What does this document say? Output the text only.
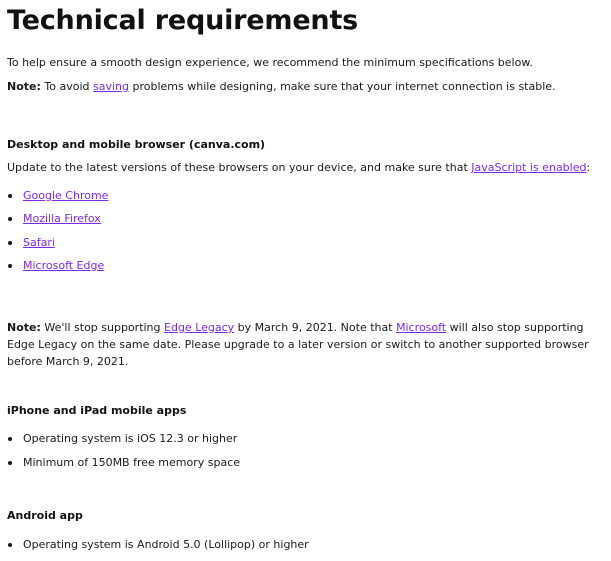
Technical requirements

To help ensure a smooth design experience, we recommend the minimum specifications below.

Note: To avoid saving problems while designing, make sure that your internet connection is stable.

Desktop and mobile browser (canva.com)

Update to the latest versions of these browsers on your device, and make sure that JavaScript is enabled:

Google Chrome
Mozilla Firefox
Safari
Microsoft Edge

Note: We'll stop supporting Edge Legacy by March 9, 2021. Note that Microsoft will also stop supporting Edge Legacy on the same date. Please upgrade to a later version or switch to another supported browser before March 9, 2021.

iPhone and iPad mobile apps
Operating system is iOS 12.3 or higher
Minimum of 150MB free memory space
Android app
Operating system is Android 5.0 (Lollipop) or higher
